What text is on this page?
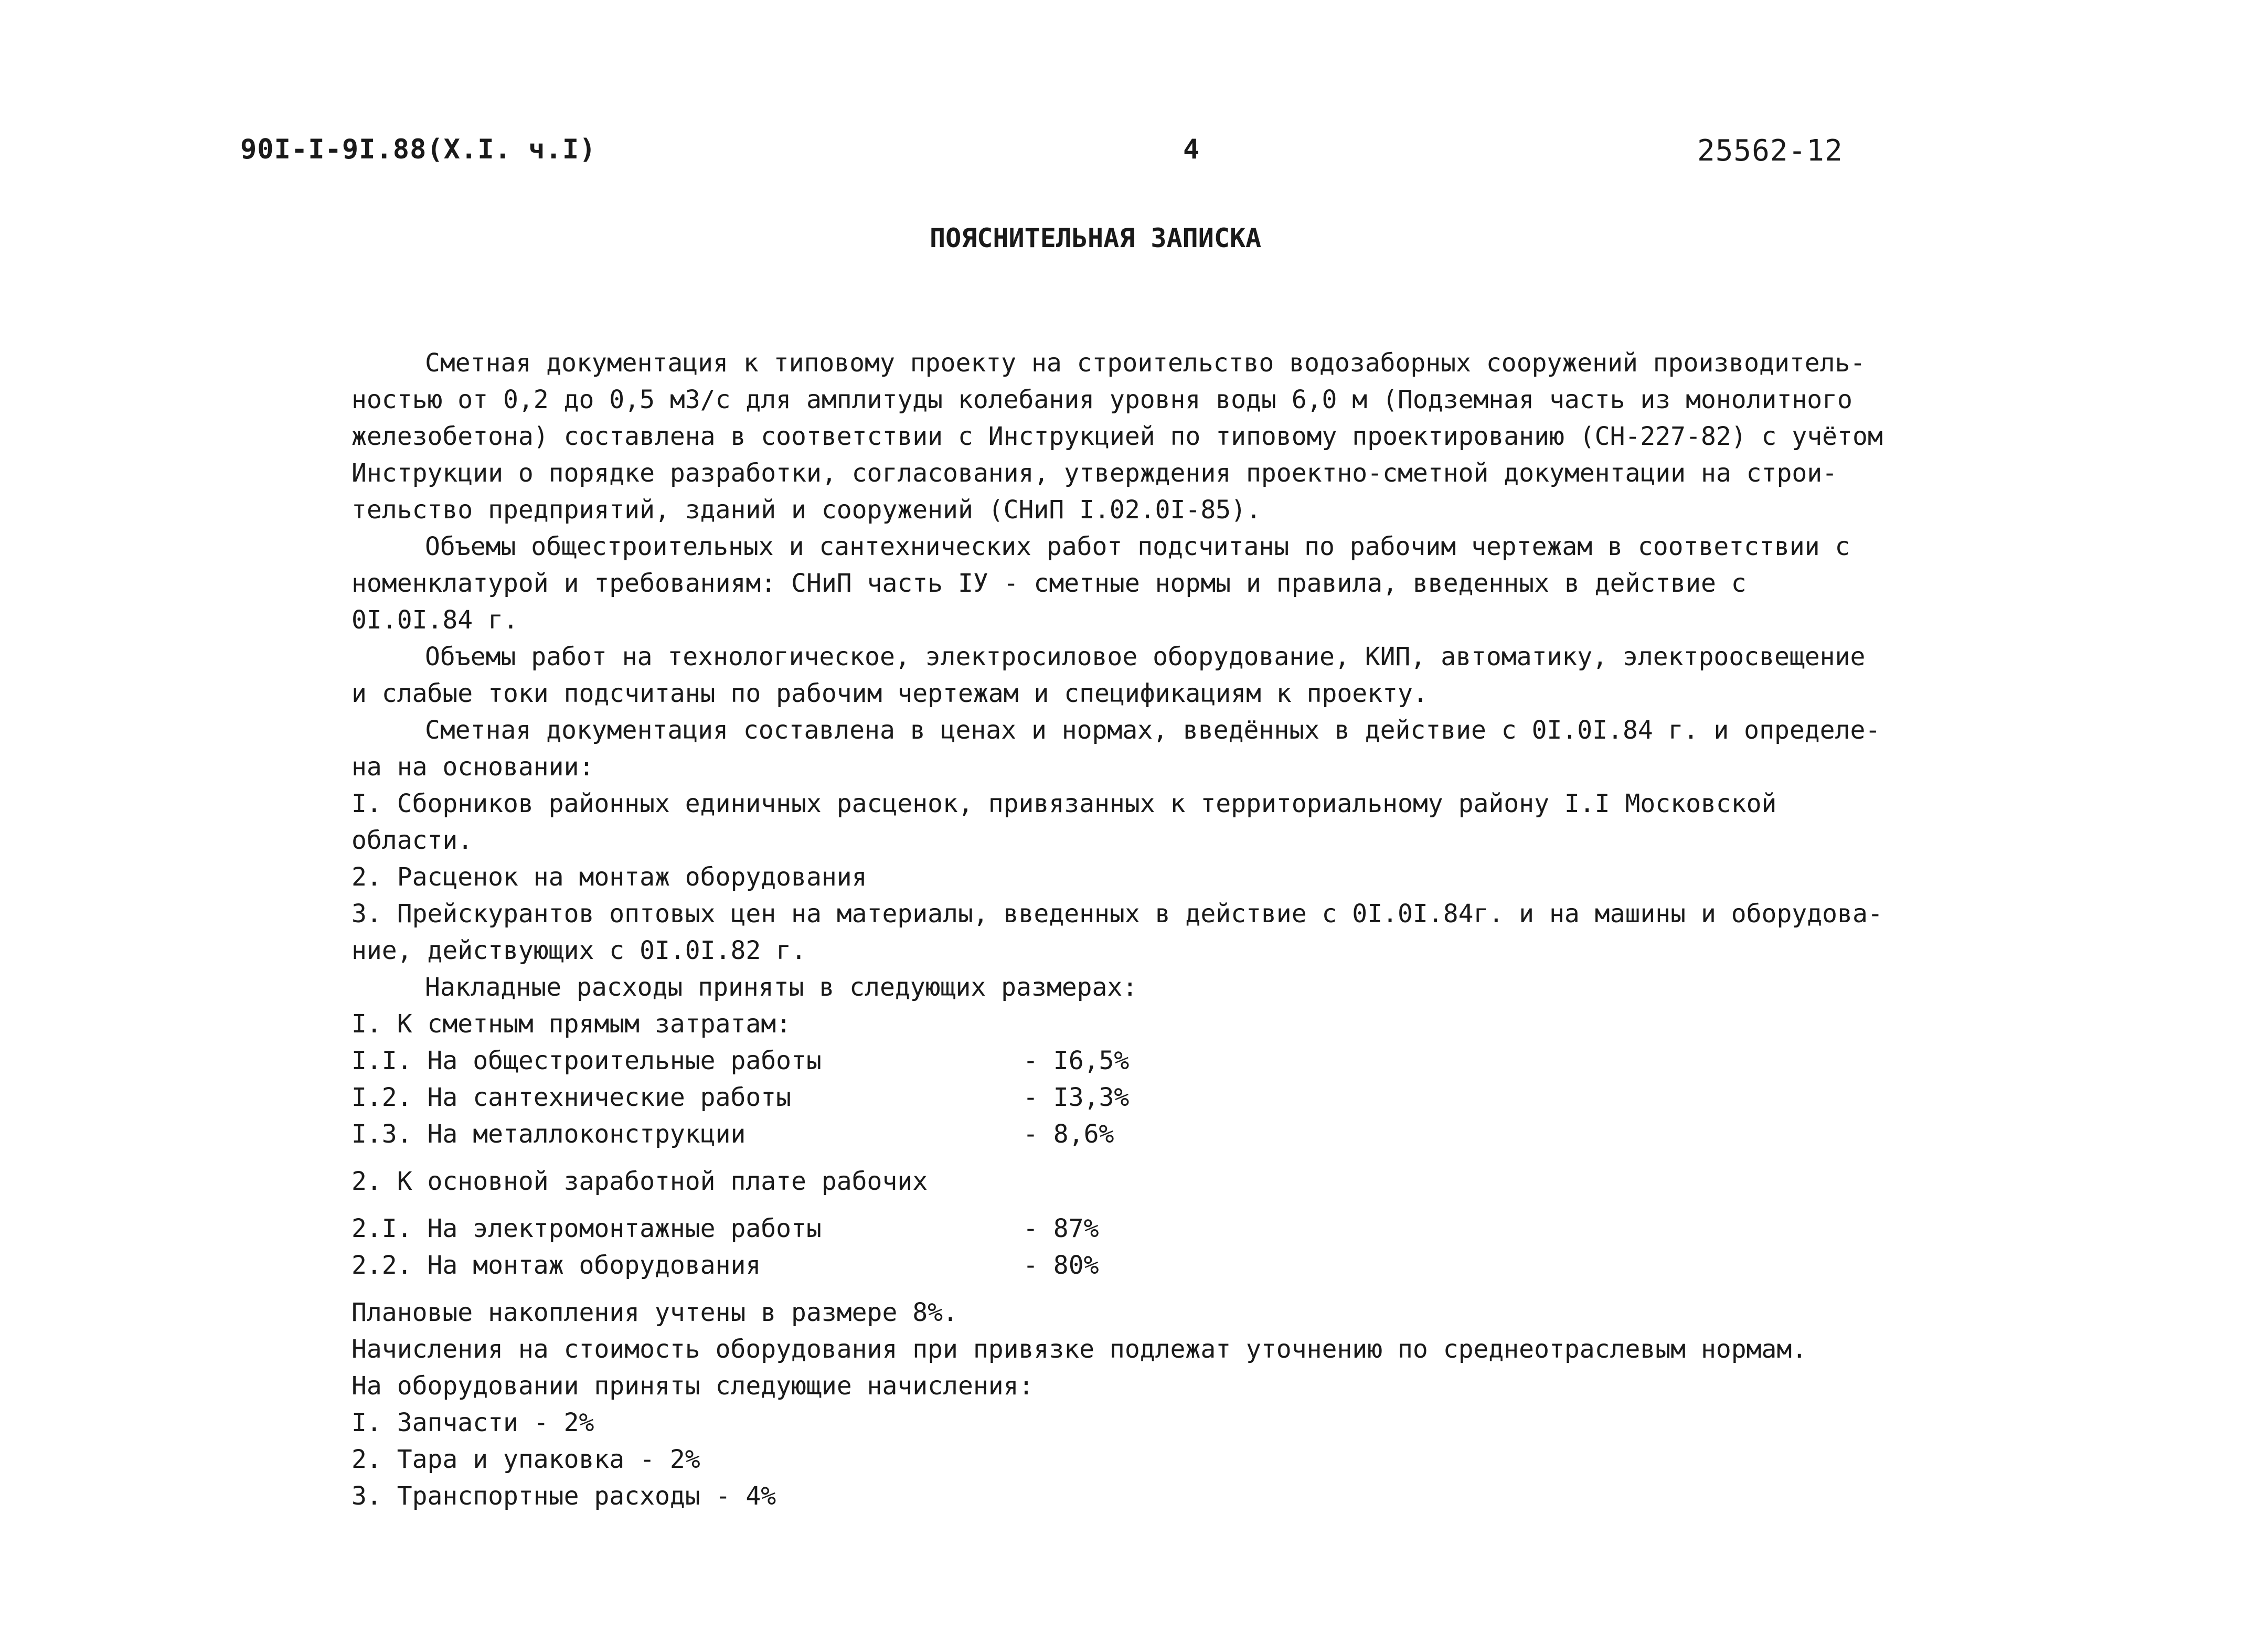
90I-I-9I.88(X.I. ч.I)	4	25562-12
ПОЯСНИТЕЛЬНАЯ ЗАПИСКА
Сметная документация к типовому проекту на строительство водозаборных сооружений производитель-
ностью от 0,2 до 0,5 м3/с для амплитуды колебания уровня воды 6,0 м (Подземная часть из монолитного
железобетона) составлена в соответствии с Инструкцией по типовому проектированию (СН-227-82) с учётом
Инструкции о порядке разработки, согласования, утверждения проектно-сметной документации на строи-
тельство предприятий, зданий и сооружений (СНиП I.02.0I-85).
Объемы общестроительных и сантехнических работ подсчитаны по рабочим чертежам в соответствии с
номенклатурой и требованиям: СНиП часть IУ - сметные нормы и правила, введенных в действие с
0I.0I.84 г.
Объемы работ на технологическое, электросиловое оборудование, КИП, автоматику, электроосвещение
и слабые токи подсчитаны по рабочим чертежам и спецификациям к проекту.
Сметная документация составлена в ценах и нормах, введённых в действие с 0I.0I.84 г. и определе-
на на основании:
I. Сборников районных единичных расценок, привязанных к территориальному району I.I Московской
области.
2. Расценок на монтаж оборудования
3. Прейскурантов оптовых цен на материалы, введенных в действие с 0I.0I.84г. и на машины и оборудова-
ние, действующих с 0I.0I.82 г.
Накладные расходы приняты в следующих размерах:
I. К сметным прямым затратам:
I.I. На общестроительные работы	- I6,5%
I.2. На сантехнические работы	- I3,3%
I.3. На металлоконструкции	- 8,6%
2. К основной заработной плате рабочих
2.I. На электромонтажные работы	- 87%
2.2. На монтаж оборудования	- 80%
Плановые накопления учтены в размере 8%.
Начисления на стоимость оборудования при привязке подлежат уточнению по среднеотраслевым нормам.
На оборудовании приняты следующие начисления:
I. Запчасти - 2%
2. Тара и упаковка - 2%
3. Транспортные расходы - 4%
